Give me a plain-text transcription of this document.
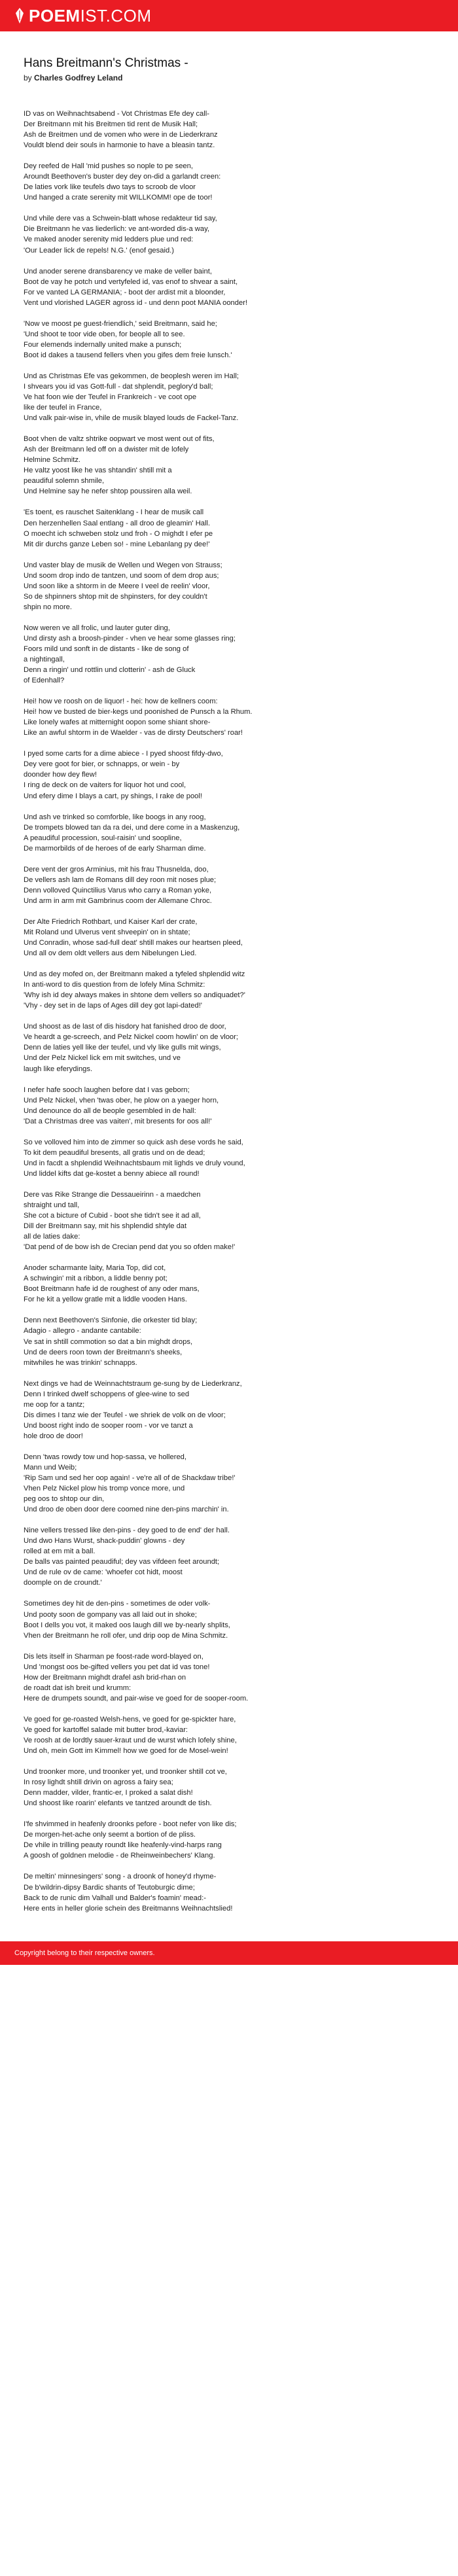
POEM IST.COM
Hans Breitmann's Christmas -
by Charles Godfrey Leland
ID vas on Weihnachtsabend - Vot Christmas Efe dey call-
Der Breitmann mit his Breitmen tid rent de Musik Hall;
Ash de Breitmen und de vomen who were in de Liederkranz
Vouldt blend deir souls in harmonie to have a bleasin tantz.
Dey reefed de Hall 'mid pushes so nople to pe seen,
Aroundt Beethoven's buster dey dey on-did a garlandt creen:
De laties vork like teufels dwo tays to scroob de vloor
Und hanged a crate serenity mit WILLKOMM! ope de toor!
Und vhile dere vas a Schwein-blatt whose redakteur tid say,
Die Breitmann he vas liederlich: ve ant-worded dis-a way,
Ve maked anoder serenity mid ledders plue und red:
'Our Leader lick de repels! N.G.' (enof gesaid.)
Und anoder serene dransbarency ve make de veller baint,
Boot de vay he potch und vertyfeled id, vas enof to shvear a saint,
For ve vanted LA GERMANIA; - boot der ardist mit a bloonder,
Vent und vlorished LAGER agross id - und denn poot MANIA oonder!
'Now ve moost pe guest-friendlich,' seid Breitmann, said he;
'Und shoot te toor vide oben, for beople all to see.
Four elemends indernally united make a punsch;
Boot id dakes a tausend fellers vhen you gifes dem freie lunsch.'
Und as Christmas Efe vas gekommen, de beoplesh weren im Hall;
I shvears you id vas Gott-full - dat shplendit, peglory'd ball;
Ve hat foon wie der Teufel in Frankreich - ve coot ope
like der teufel in France,
Und valk pair-wise in, vhile de musik blayed louds de Fackel-Tanz.
Boot vhen de valtz shtrike oopwart ve most went out of fits,
Ash der Breitmann led off on a dwister mit de lofely
Helmine Schmitz.
He valtz yoost like he vas shtandin' shtill mit a
peaudiful solemn shmile,
Und Helmine say he nefer shtop poussiren alla weil.
'Es toent, es rauschet Saitenklang - I hear de musik call
Den herzenhellen Saal entlang - all droo de gleamin' Hall.
O moecht ich schweben stolz und froh - O mighdt I efer pe
Mit dir durchs ganze Leben so! - mine Lebanlang py dee!'
Und vaster blay de musik de Wellen und Wegen von Strauss;
Und soom drop indo de tantzen, und soom of dem drop aus;
Und soon like a shtorm in de Meere I veel de reelin' vloor,
So de shpinners shtop mit de shpinsters, for dey couldn't
shpin no more.
Now weren ve all frolic, und lauter guter ding,
Und dirsty ash a broosh-pinder - vhen ve hear some glasses ring;
Foors mild und sonft in de distants - like de song of
a nightingall,
Denn a ringin' und rottlin und clotterin' - ash de Gluck
of Edenhall?
Hei! how ve roosh on de liquor! - hei: how de kellners coom:
Hei! how ve busted de bier-kegs und poonished de Punsch a la Rhum.
Like lonely wafes at mitternight oopon some shiant shore-
Like an awful shtorm in de Waelder - vas de dirsty Deutschers' roar!
I pyed some carts for a dime abiece - I pyed shoost fifdy-dwo,
Dey vere goot for bier, or schnapps, or wein - by
doonder how dey flew!
I ring de deck on de vaiters for liquor hot und cool,
Und efery dime I blays a cart, py shings, I rake de pool!
Und ash ve trinked so comforble, like boogs in any roog,
De trompets blowed tan da ra dei, und dere come in a Maskenzug,
A peaudiful procession, soul-raisin' und soopline,
De marmorbilds of de heroes of de early Sharman dime.
Dere vent der gros Arminius, mit his frau Thusnelda, doo,
De vellers ash lam de Romans dill dey roon mit noses plue;
Denn volloved Quinctilius Varus who carry a Roman yoke,
Und arm in arm mit Gambrinus coom der Allemane Chroc.
Der Alte Friedrich Rothbart, und Kaiser Karl der crate,
Mit Roland und Ulverus vent shveepin' on in shtate;
Und Conradin, whose sad-full deat' shtill makes our heartsen pleed,
Und all ov dem oldt vellers aus dem Nibelungen Lied.
Und as dey mofed on, der Breitmann maked a tyfeled shplendid witz
In anti-word to dis question from de lofely Mina Schmitz:
'Why ish id dey always makes in shtone dem vellers so andiquadet?'
'Vhy - dey set in de laps of Ages dill dey got lapi-dated!'
Und shoost as de last of dis hisdory hat fanished droo de door,
Ve heardt a ge-screech, and Pelz Nickel coom howlin' on de vloor;
Denn de laties yell like der teufel, und vly like gulls mit wings,
Und der Pelz Nickel lick em mit switches, und ve
laugh like eferydings.
I nefer hafe sooch laughen before dat I vas geborn;
Und Pelz Nickel, vhen 'twas ober, he plow on a yaeger horn,
Und denounce do all de beople gesembled in de hall:
'Dat a Christmas dree vas vaiten', mit bresents for oos all!'
So ve volloved him into de zimmer so quick ash dese vords he said,
To kit dem peaudiful bresents, all gratis und on de dead;
Und in facdt a shplendid Weihnachtsbaum mit lighds ve druly vound,
Und liddel kifts dat ge-kostet a benny abiece all round!
Dere vas Rike Strange die Dessaueirinn - a maedchen
shtraight und tall,
She cot a bicture of Cubid - boot she tidn't see it ad all,
Dill der Breitmann say, mit his shplendid shtyle dat
all de laties dake:
'Dat pend of de bow ish de Crecian pend dat you so ofden make!'
Anoder scharmante laity, Maria Top, did cot,
A schwingin' mit a ribbon, a liddle benny pot;
Boot Breitmann hafe id de roughest of any oder mans,
For he kit a yellow gratle mit a liddle vooden Hans.
Denn next Beethoven's Sinfonie, die orkester tid blay;
Adagio - allegro - andante cantabile:
Ve sat in shtill commotion so dat a bin mighdt drops,
Und de deers roon town der Breitmann's sheeks,
mitwhiles he was trinkin' schnapps.
Next dings ve had de Weinnachtstraum ge-sung by de Liederkranz,
Denn I trinked dwelf schoppens of glee-wine to sed
me oop for a tantz;
Dis dimes I tanz wie der Teufel - we shriek de volk on de vloor;
Und boost right indo de sooper room - vor ve tanzt a
hole droo de door!
Denn 'twas rowdy tow und hop-sassa, ve hollered,
Mann und Weib;
'Rip Sam und sed her oop again! - ve're all of de Shackdaw tribe!'
Vhen Pelz Nickel plow his tromp vonce more, und
peg oos to shtop our din,
Und droo de oben door dere coomed nine den-pins marchin' in.
Nine vellers tressed like den-pins - dey goed to de end' der hall.
Und dwo Hans Wurst, shack-puddin' glowns - dey
rolled at em mit a ball.
De balls vas painted peaudiful; dey vas vifdeen feet aroundt;
Und de rule ov de came: 'whoefer cot hidt, moost
doomple on de croundt.'
Sometimes dey hit de den-pins - sometimes de oder volk-
Und pooty soon de gompany vas all laid out in shoke;
Boot I dells you vot, it maked oos laugh dill we by-nearly shplits,
Vhen der Breitmann he roll ofer, und drip oop de Mina Schmitz.
Dis lets itself in Sharman pe foost-rade word-blayed on,
Und 'mongst oos be-gifted vellers you pet dat id vas tone!
How der Breitmann mighdt drafel ash brid-rhan on
de roadt dat ish breit und krumm:
Here de drumpets soundt, and pair-wise ve goed for de sooper-room.
Ve goed for ge-roasted Welsh-hens, ve goed for ge-spickter hare,
Ve goed for kartoffel salade mit butter brod,-kaviar:
Ve roosh at de lordtly sauer-kraut und de wurst which lofely shine,
Und oh, mein Gott im Kimmel! how we goed for de Mosel-wein!
Und troonker more, und troonker yet, und troonker shtill cot ve,
In rosy lighdt shtill drivin on agross a fairy sea;
Denn madder, vilder, frantic-er, I proked a salat dish!
Und shoost like roarin' elefants ve tantzed aroundt de tish.
I'fe shvimmed in heafenly droonks pefore - boot nefer von like dis;
De morgen-het-ache only seemt a bortion of de pliss.
De vhile in trilling peauty roundt like heafenly-vind-harps rang
A goosh of goldnen melodie - de Rheinweinbechers' Klang.
De meltin' minnesingers' song - a droonk of honey'd rhyme-
De b'wildrin-dipsy Bardic shants of Teutoburgic dime;
Back to de runic dim Valhall und Balder's foamin' mead:-
Here ents in heller glorie schein des Breitmanns Weihnachtslied!
Copyright belong to their respective owners.
